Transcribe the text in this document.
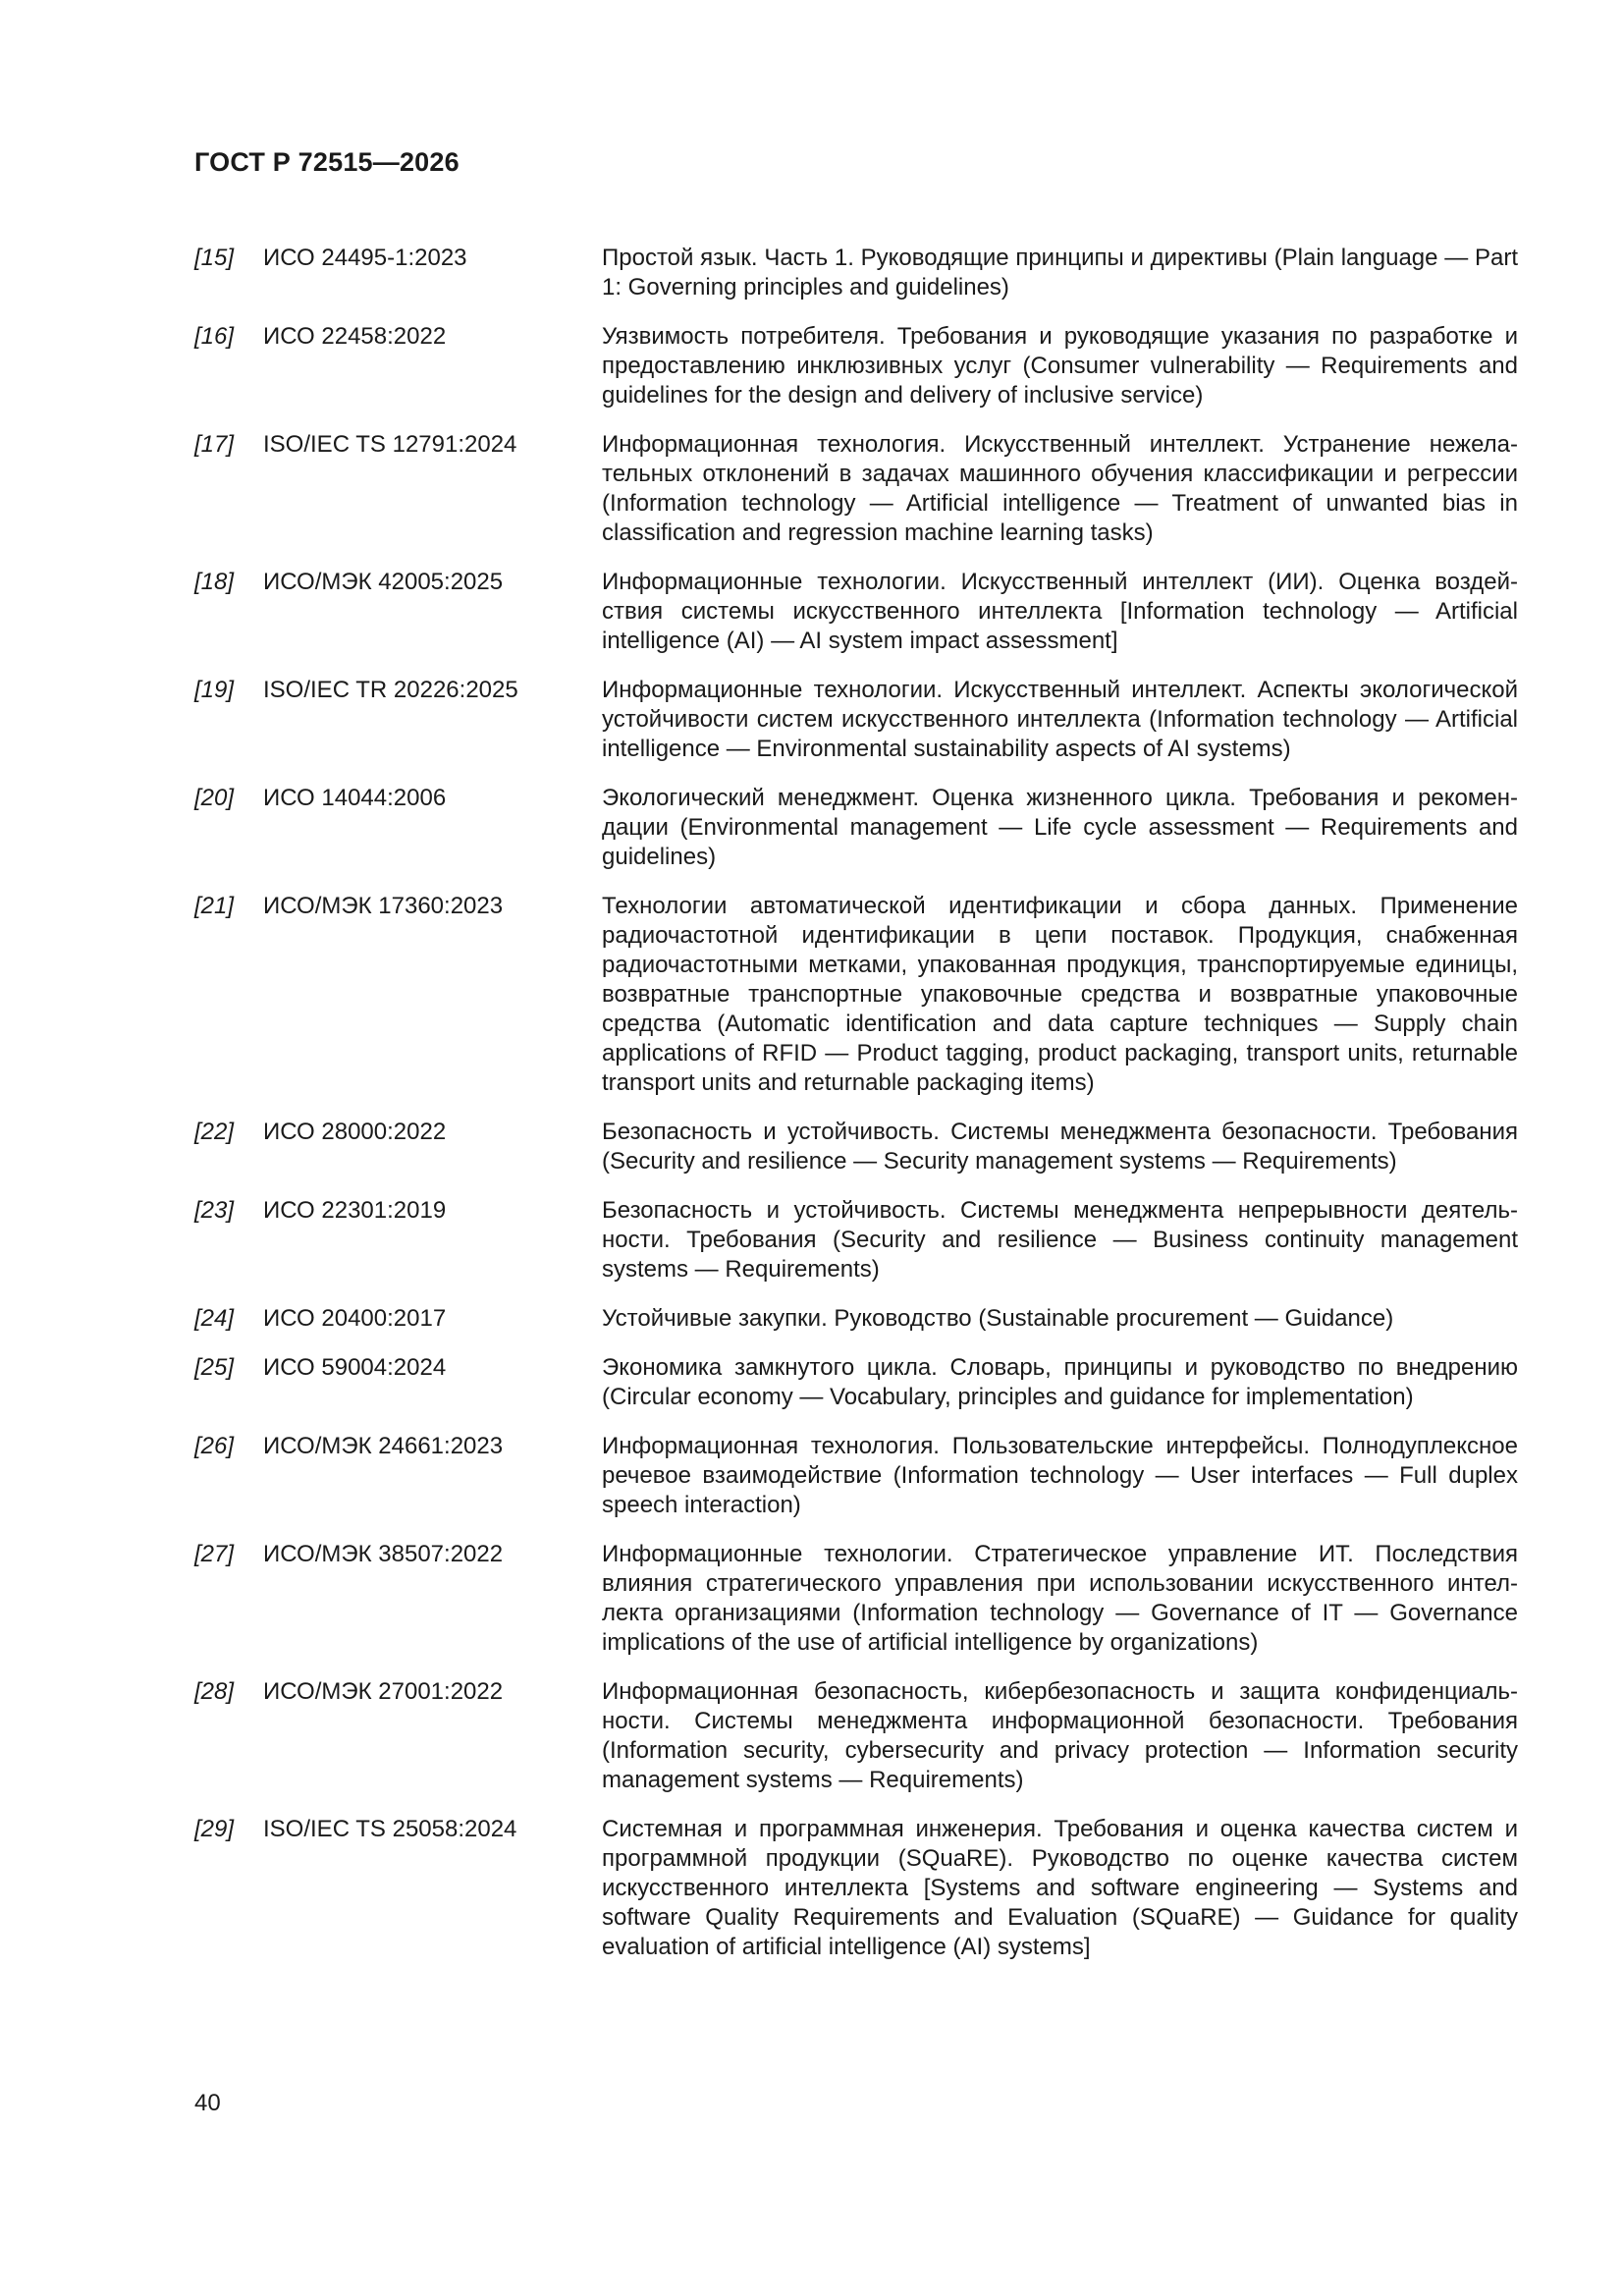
ГОСТ Р 72515—2026
[15]	ИСО 24495-1:2023	Простой язык. Часть 1. Руководящие принципы и директивы (Plain language — Part 1: Governing principles and guidelines)
[16]	ИСО 22458:2022	Уязвимость потребителя. Требования и руководящие указания по разработке и предоставлению инклюзивных услуг (Consumer vulnerability — Requirements and guidelines for the design and delivery of inclusive service)
[17]	ISO/IEC TS 12791:2024	Информационная технология. Искусственный интеллект. Устранение нежелательных отклонений в задачах машинного обучения классификации и регрессии (Information technology — Artificial intelligence — Treatment of unwanted bias in classification and regression machine learning tasks)
[18]	ИСО/МЭК 42005:2025	Информационные технологии. Искусственный интеллект (ИИ). Оценка воздействия системы искусственного интеллекта [Information technology — Artificial intelligence (AI) — AI system impact assessment]
[19]	ISO/IEC TR 20226:2025	Информационные технологии. Искусственный интеллект. Аспекты экологической устойчивости систем искусственного интеллекта (Information technology — Artificial intelligence — Environmental sustainability aspects of AI systems)
[20]	ИСО 14044:2006	Экологический менеджмент. Оценка жизненного цикла. Требования и рекомендации (Environmental management — Life cycle assessment — Requirements and guidelines)
[21]	ИСО/МЭК 17360:2023	Технологии автоматической идентификации и сбора данных. Применение радиочастотной идентификации в цепи поставок. Продукция, снабженная радиочастотными метками, упакованная продукция, транспортируемые единицы, возвратные транспортные упаковочные средства и возвратные упаковочные средства (Automatic identification and data capture techniques — Supply chain applications of RFID — Product tagging, product packaging, transport units, returnable transport units and returnable packaging items)
[22]	ИСО 28000:2022	Безопасность и устойчивость. Системы менеджмента безопасности. Требования (Security and resilience — Security management systems — Requirements)
[23]	ИСО 22301:2019	Безопасность и устойчивость. Системы менеджмента непрерывности деятельности. Требования (Security and resilience — Business continuity management systems — Requirements)
[24]	ИСО 20400:2017	Устойчивые закупки. Руководство (Sustainable procurement — Guidance)
[25]	ИСО 59004:2024	Экономика замкнутого цикла. Словарь, принципы и руководство по внедрению (Circular economy — Vocabulary, principles and guidance for implementation)
[26]	ИСО/МЭК 24661:2023	Информационная технология. Пользовательские интерфейсы. Полнодуплексное речевое взаимодействие (Information technology — User interfaces — Full duplex speech interaction)
[27]	ИСО/МЭК 38507:2022	Информационные технологии. Стратегическое управление ИТ. Последствия влияния стратегического управления при использовании искусственного интеллекта организациями (Information technology — Governance of IT — Governance implications of the use of artificial intelligence by organizations)
[28]	ИСО/МЭК 27001:2022	Информационная безопасность, кибербезопасность и защита конфиденциальности. Системы менеджмента информационной безопасности. Требования (Information security, cybersecurity and privacy protection — Information security management systems — Requirements)
[29]	ISO/IEC TS 25058:2024	Системная и программная инженерия. Требования и оценка качества систем и программной продукции (SQuaRE). Руководство по оценке качества систем искусственного интеллекта [Systems and software engineering — Systems and software Quality Requirements and Evaluation (SQuaRE) — Guidance for quality evaluation of artificial intelligence (AI) systems]
40
